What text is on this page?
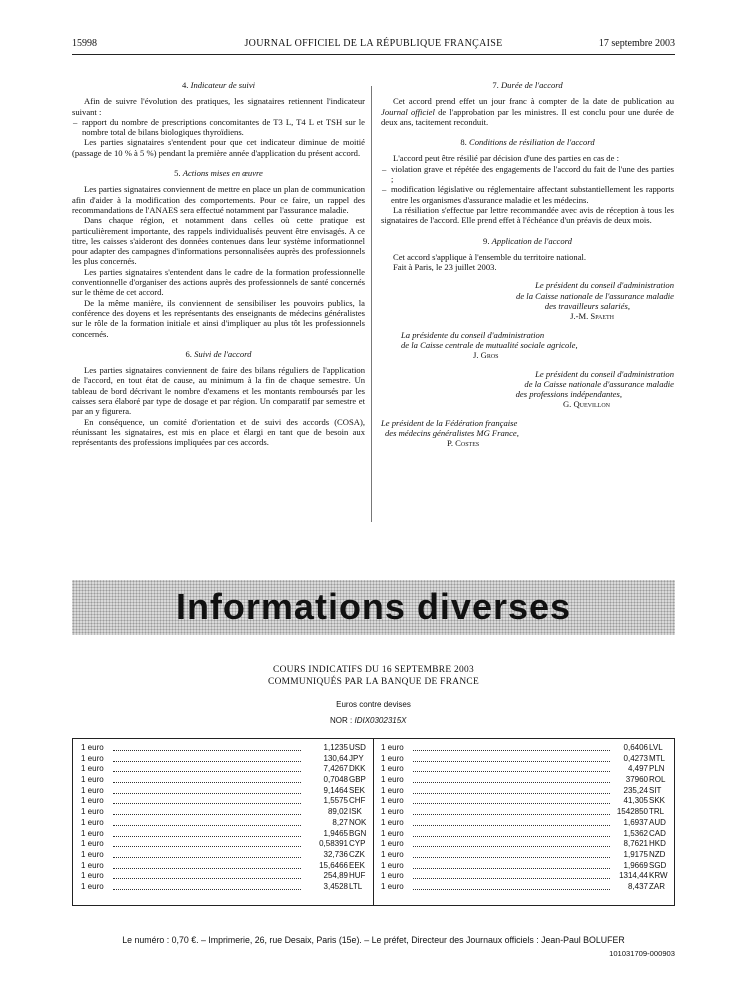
15998	JOURNAL OFFICIEL DE LA RÉPUBLIQUE FRANÇAISE	17 septembre 2003
4. Indicateur de suivi

Afin de suivre l'évolution des pratiques, les signataires retiennent l'indicateur suivant :

– rapport du nombre de prescriptions concomitantes de T3 L, T4 L et TSH sur le nombre total de bilans biologiques thyroïdiens.

Les parties signataires s'entendent pour que cet indicateur diminue de moitié (passage de 10 % à 5 %) pendant la première année d'application du présent accord.

5. Actions mises en œuvre

Les parties signataires conviennent de mettre en place un plan de communication afin d'aider à la modification des comportements. Pour ce faire, un rappel des recommandations de l'ANAES sera effectué notamment par l'assurance maladie.

Dans chaque région, et notamment dans celles où cette pratique est particulièrement importante, des rappels individualisés peuvent être envisagés. A ce titre, les caisses s'aideront des données contenues dans leur système informationnel pour adapter des campagnes d'informations personnalisées auprès des professionnels les plus concernés.

Les parties signataires s'entendent dans le cadre de la formation professionnelle conventionnelle d'organiser des actions auprès des professionnels de santé concernés sur le thème de cet accord.

De la même manière, ils conviennent de sensibiliser les pouvoirs publics, la conférence des doyens et les représentants des enseignants de médecins généralistes sur le rôle de la formation initiale et ainsi d'impliquer au plus tôt les professionnels concernés.

6. Suivi de l'accord

Les parties signataires conviennent de faire des bilans réguliers de l'application de l'accord, en tout état de cause, au minimum à la fin de chaque semestre. Un tableau de bord décrivant le nombre d'examens et les montants remboursés par les caisses sera élaboré par type de dosage et par région. Un comparatif par semestre et par an y figurera.

En conséquence, un comité d'orientation et de suivi des accords (COSA), réunissant les signataires, est mis en place et élargi en tant que de besoin aux représentants des professions impliquées par ces accords.

7. Durée de l'accord

Cet accord prend effet un jour franc à compter de la date de publication au Journal officiel de l'approbation par les ministres. Il est conclu pour une durée de deux ans, tacitement reconduit.

8. Conditions de résiliation de l'accord

L'accord peut être résilié par décision d'une des parties en cas de :

– violation grave et répétée des engagements de l'accord du fait de l'une des parties ;
– modification législative ou réglementaire affectant substantiellement les rapports entre les organismes d'assurance maladie et les médecins.

La résiliation s'effectue par lettre recommandée avec avis de réception à tous les signataires de l'accord. Elle prend effet à l'échéance d'un préavis de deux mois.

9. Application de l'accord

Cet accord s'applique à l'ensemble du territoire national.

Fait à Paris, le 23 juillet 2003.

Le président du conseil d'administration
de la Caisse nationale de l'assurance maladie
des travailleurs salariés,
J.-M. Spaeth
La présidente du conseil d'administration
de la Caisse centrale de mutualité sociale agricole,
J. Gros
Le président du conseil d'administration
de la Caisse nationale d'assurance maladie
des professions indépendantes,
G. Quevillon
Le président de la Fédération française
des médecins généralistes MG France,
P. Costes
Informations diverses
COURS INDICATIFS DU 16 SEPTEMBRE 2003
COMMUNIQUÉS PAR LA BANQUE DE FRANCE
Euros contre devises
NOR : IDIX0302315X
1 euro	1,1235 USD
1 euro	130,64 JPY
1 euro	7,4267 DKK
1 euro	0,7048 GBP
1 euro	9,1464 SEK
1 euro	1,5575 CHF
1 euro	89,02 ISK
1 euro	8,27 NOK
1 euro	1,9465 BGN
1 euro	0,58391 CYP
1 euro	32,736 CZK
1 euro	15,6466 EEK
1 euro	254,89 HUF
1 euro	3,4528 LTL
1 euro	0,6406 LVL
1 euro	0,4273 MTL
1 euro	4,497 PLN
1 euro	37960 ROL
1 euro	235,24 SIT
1 euro	41,305 SKK
1 euro	1542850 TRL
1 euro	1,6937 AUD
1 euro	1,5362 CAD
1 euro	8,7621 HKD
1 euro	1,9175 NZD
1 euro	1,9669 SGD
1 euro	1314,44 KRW
1 euro	8,437 ZAR
Le numéro : 0,70 €. – Imprimerie, 26, rue Desaix, Paris (15e). – Le préfet, Directeur des Journaux officiels : Jean-Paul BOLUFER
101031709-000903
